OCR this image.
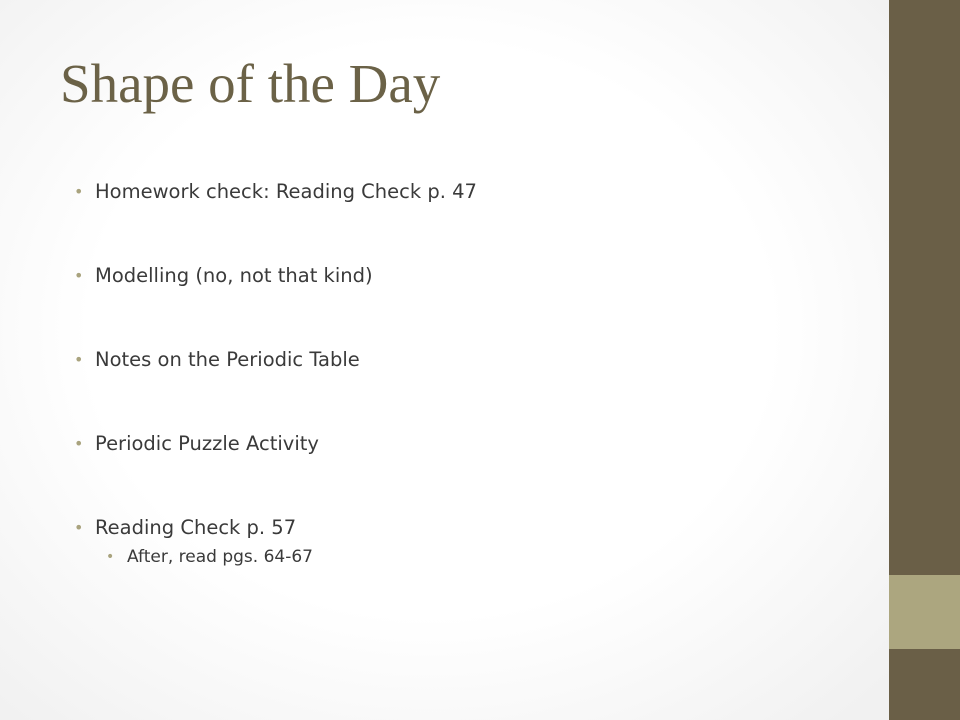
Shape of the Day
• Homework check: Reading Check p. 47
• Modelling (no, not that kind)
• Notes on the Periodic Table
• Periodic Puzzle Activity
• Reading Check p. 57
• After, read pgs. 64-67
